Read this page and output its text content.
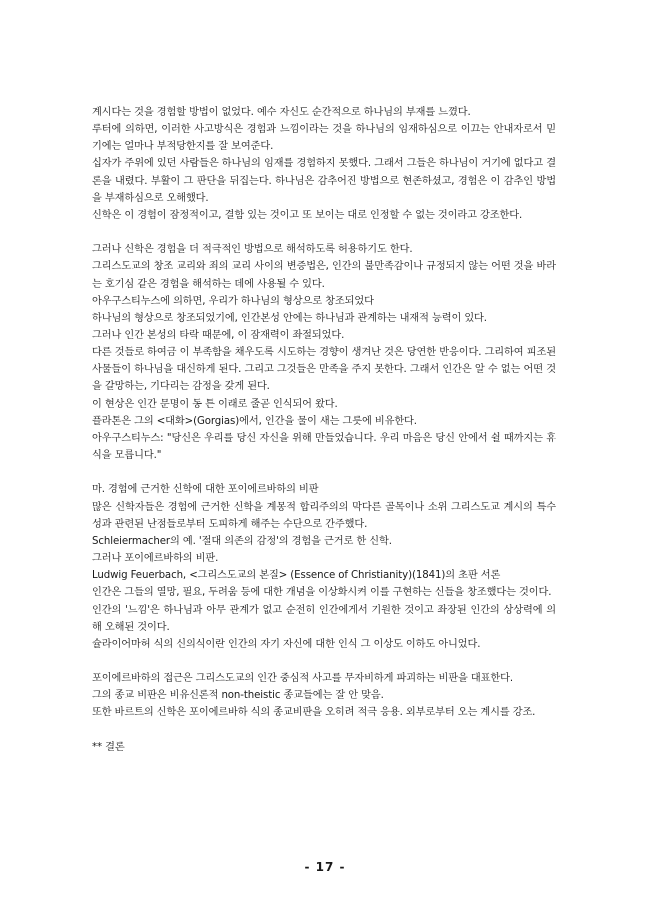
계시다는 것을 경험할 방법이 없었다. 예수 자신도 순간적으로 하나님의 부재를 느꼈다.

루터에 의하면, 이러한 사고방식은 경험과 느낌이라는 것을 하나님의 임재하심으로 이끄는 안내자로서 믿기에는 얼마나 부적당한지를 잘 보여준다.

십자가 주위에 있던 사람들은 하나님의 임재를 경험하지 못했다. 그래서 그들은 하나님이 거기에 없다고 결론을 내렸다. 부활이 그 판단을 뒤집는다. 하나님은 감추어진 방법으로 현존하셨고, 경험은 이 감추인 방법을 부재하심으로 오해했다.

신학은 이 경험이 잠정적이고, 결함 있는 것이고 또 보이는 대로 인정할 수 없는 것이라고 강조한다.

그러나 신학은 경험을 더 적극적인 방법으로 해석하도록 허용하기도 한다.

그리스도교의 창조 교리와 죄의 교리 사이의 변증법은, 인간의 불만족감이나 규정되지 않는 어떤 것을 바라는 호기심 같은 경험을 해석하는 데에 사용될 수 있다.

아우구스티누스에 의하면, 우리가 하나님의 형상으로 창조되었다

하나님의 형상으로 창조되었기에, 인간본성 안에는 하나님과 관계하는 내재적 능력이 있다.

그러나 인간 본성의 타락 때문에, 이 잠재력이 좌절되었다.

다른 것들로 하여금 이 부족함을 채우도록 시도하는 경향이 생겨난 것은 당연한 반응이다. 그리하여 피조된 사물들이 하나님을 대신하게 된다. 그리고 그것들은 만족을 주지 못한다. 그래서 인간은 알 수 없는 어떤 것을 갈망하는, 기다리는 감정을 갖게 된다.

이 현상은 인간 문명이 동 튼 이래로 줄곧 인식되어 왔다.

플라톤은 그의 <대화>(Gorgias)에서, 인간을 물이 새는 그릇에 비유한다.

아우구스티누스: "당신은 우리를 당신 자신을 위해 만들었습니다. 우리 마음은 당신 안에서 쉴 때까지는 휴식을 모릅니다."

마. 경험에 근거한 신학에 대한 포이에르바하의 비판

많은 신학자들은 경험에 근거한 신학을 계몽적 합리주의의 막다른 골목이나 소위 그리스도교 계시의 특수성과 관련된 난점들로부터 도피하게 해주는 수단으로 간주했다.

Schleiermacher의 예. '절대 의존의 감정'의 경험을 근거로 한 신학.

그러나 포이에르바하의 비판.

Ludwig Feuerbach, <그리스도교의 본질> (Essence of Christianity)(1841)의 초판 서론

인간은 그들의 열망, 필요, 두려움 등에 대한 개념을 이상화시켜 이를 구현하는 신들을 창조했다는 것이다.

인간의 '느낌'은 하나님과 아무 관계가 없고 순전히 인간에게서 기원한 것이고 좌장된 인간의 상상력에 의해 오해된 것이다.

슐라이어마허 식의 신의식이란 인간의 자기 자신에 대한 인식 그 이상도 이하도 아니었다.

포이에르바하의 접근은 그리스도교의 인간 중심적 사고를 무자비하게 파괴하는 비판을 대표한다.

그의 종교 비판은 비유신론적 non-theistic 종교들에는 잘 안 맞음.

또한 바르트의 신학은 포이에르바하 식의 종교비판을 오히려 적극 응용. 외부로부터 오는 계시를 강조.

** 결론

- 17 -
